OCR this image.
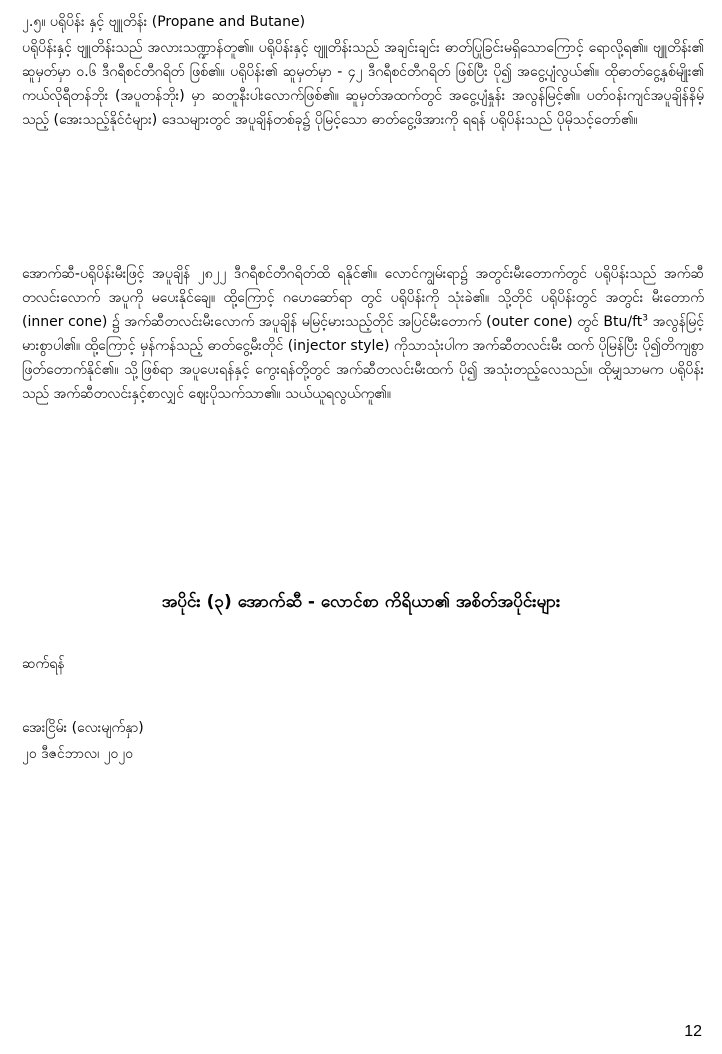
၂.၅။ ပရိုပိန်း နှင့် ဗျူတိန်း (Propane and Butane)
ပရိုပိန်းနှင့် ဗျူတိန်းသည် အလားသဏ္ဍာန်တူ၏။ ပရိုပိန်းနှင့် ဗျူတိန်းသည် အချင်းချင်း ဓာတ်ပြုခြင်းမရှိသောကြောင့် ရောလို့ရ၏။ ဗျူတိန်း၏ ဆူမှတ်မှာ ၀.၆ ဒီဂရီစင်တီဂရိတ် ဖြစ်၏။ ပရိုပိန်း၏ ဆူမှတ်မှာ - ၄၂ ဒီဂရီစင်တီဂရိတ် ဖြစ်ပြီး ပို၍ အငွေ့ပျံလွယ်၏။ ထိုဓာတ်ငွေ့နှစ်မျိုး၏ ကယ်လိုရီတန်ဘိုး (အပူတန်ဘိုး) မှာ ဆတူနီးပါးလောက်ဖြစ်၏။ ဆူမှတ်အထက်တွင် အငွေ့ပျံနှုန်း အလွန်မြင့်၏။ ပတ်ဝန်းကျင်အပူချိန်နိမ့်သည့် (အေးသည့်နိုင်ငံများ) ဒေသများတွင် အပူချိန်တစ်ခု၌ ပိုမြင့်သော ဓာတ်ငွေ့ဖိအားကို ရရန် ပရိုပိန်းသည် ပိုမိုသင့်တော်၏။
အောက်ဆီ-ပရိုပိန်းမီးဖြင့် အပူချိန် ၂၈၂၂ ဒီဂရီစင်တီဂရိတ်ထိ ရနိုင်၏။ လောင်ကျွမ်းရာ၌ အတွင်းမီးတောက်တွင် ပရိုပိန်းသည် အက်ဆီတလင်းလောက် အပူကို မပေးနိုင်ချေ။ ထို့ကြောင့် ဂဟေဆော်ရာ တွင် ပရိုပိန်းကို သုံးခဲ၏။ သို့တိုင် ပရိုပိန်းတွင် အတွင်း မီးတောက် (inner cone) ၌ အက်ဆီတလင်းမီးလောက် အပူချိန် မမြင့်မားသည့်တိုင် အပြင်မီးတောက် (outer cone) တွင် Btu/$ft^3$ အလွန်မြင့်မားစွာပါ၏။ ထို့ကြောင့် မှန်ကန်သည့် ဓာတ်ငွေ့မီးတိုင် (injector style) ကိုသာသုံးပါက အက်ဆီတလင်းမီး ထက် ပိုမြန်ပြီး ပို၍တိကျစွာ ဖြတ်တောက်နိုင်၏။ သို့ဖြစ်ရာ အပူပေးရန်နှင့် ကွေးရန်တို့တွင် အက်ဆီတလင်းမီးထက် ပို၍ အသုံးတည့်လေသည်။ ထိုမျှသာမက ပရိုပိန်းသည် အက်ဆီတလင်းနှင့်စာလျှင် ဈေးပိုသက်သာ၏။ သယ်ယူရလွယ်ကူ၏။
အပိုင်း (၃) အောက်ဆီ - လောင်စာ ကိရိယာ၏ အစိတ်အပိုင်းများ
ဆက်ရန်
အေးငြိမ်း (လေးမျက်နှာ)
၂၀ ဒီဇင်ဘာလ၊ ၂၀၂၀
12
